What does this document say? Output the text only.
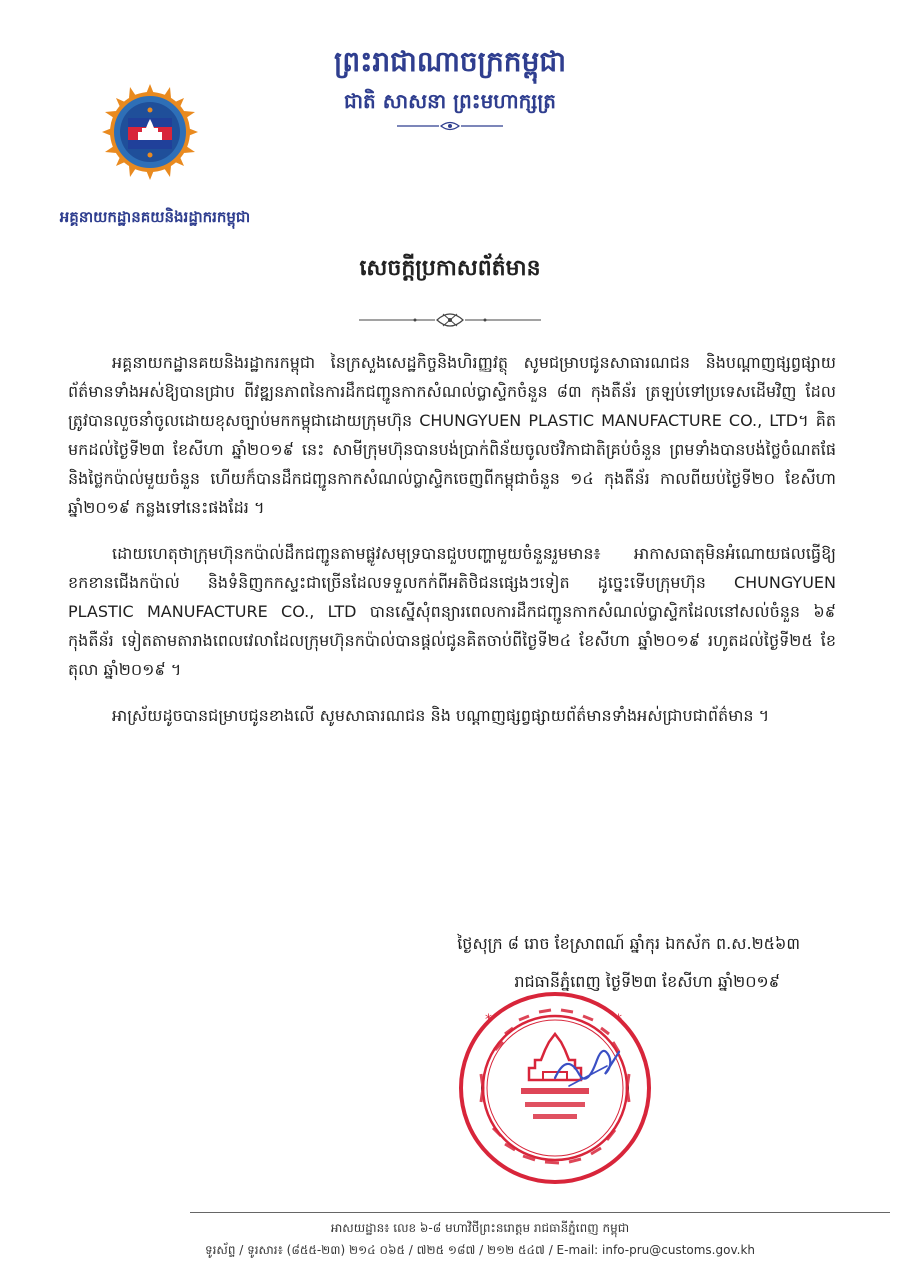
ព្រះរាជាណាចក្រកម្ពុជា
ជាតិ សាសនា ព្រះមហាក្សត្រ
អគ្គនាយកដ្ឋានគយនិងរដ្ឋាករកម្ពុជា
សេចក្តីប្រកាសព័ត៌មាន

អគ្គនាយកដ្ឋានគយនិងរដ្ឋាករកម្ពុជា នៃក្រសួងសេដ្ឋកិច្ចនិងហិរញ្ញវត្ថុ សូមជម្រាបជូនសាធារណជន និងបណ្តាញផ្សព្វផ្សាយព័ត៌មានទាំងអស់ឱ្យបានជ្រាប ពីវឌ្ឍនភាពនៃការដឹកជញ្ជូនកាកសំណល់ប្លាស្ទិកចំនួន ៨៣ កុងតឺន័រ ត្រឡប់ទៅប្រទេសដើមវិញ ដែលត្រូវបានលួចនាំចូលដោយខុសច្បាប់មកកម្ពុជាដោយក្រុមហ៊ុន CHUNGYUEN PLASTIC MANUFACTURE CO., LTD។ គិតមកដល់ថ្ងៃទី២៣ ខែសីហា ឆ្នាំ២០១៩ នេះ សាមីក្រុមហ៊ុនបានបង់ប្រាក់ពិន័យចូលថវិកាជាតិគ្រប់ចំនួន ព្រមទាំងបានបង់ថ្លៃចំណតផែ និងថ្លៃកប៉ាល់មួយចំនួន ហើយក៏បានដឹកជញ្ជូនកាកសំណល់ប្លាស្ទិកចេញពីកម្ពុជាចំនួន ១៤ កុងតឺន័រ កាលពីយប់ថ្ងៃទី២០ ខែសីហា ឆ្នាំ២០១៩ កន្លងទៅនេះផងដែរ ។

ដោយហេតុថាក្រុមហ៊ុនកប៉ាល់ដឹកជញ្ជូនតាមផ្លូវសមុទ្របានជួបបញ្ហាមួយចំនួនរួមមាន៖ អាកាសធាតុមិនអំណោយផលធ្វើឱ្យខកខានជើងកប៉ាល់ និងទំនិញកកស្ទះជាច្រើនដែលទទួលកក់ពីអតិថិជនផ្សេងៗទៀត ដូច្នេះទើបក្រុមហ៊ុន CHUNGYUEN PLASTIC MANUFACTURE CO., LTD បានស្នើសុំពន្យារពេលការដឹកជញ្ជូនកាកសំណល់ប្លាស្ទិកដែលនៅសល់ចំនួន ៦៩ កុងតឺន័រ ទៀតតាមតារាងពេលវេលាដែលក្រុមហ៊ុនកប៉ាល់បានផ្តល់ជូនគិតចាប់ពីថ្ងៃទី២៤ ខែសីហា ឆ្នាំ២០១៩ រហូតដល់ថ្ងៃទី២៥ ខែតុលា ឆ្នាំ២០១៩ ។

អាស្រ័យដូចបានជម្រាបជូនខាងលើ សូមសាធារណជន និង បណ្តាញផ្សព្វផ្សាយព័ត៌មានទាំងអស់ជ្រាបជាព័ត៌មាន ។

ថ្ងៃសុក្រ ៨ រោច ខែស្រាពណ៍ ឆ្នាំកុរ ឯកស័ក ព.ស.២៥៦៣
រាជធានីភ្នំពេញ ថ្ងៃទី២៣ ខែសីហា ឆ្នាំ២០១៩
*	*
អាសយដ្ឋាន៖ លេខ ៦-៨ មហាវិថីព្រះនរោត្តម រាជធានីភ្នំពេញ កម្ពុជា
ទូរស័ព្ទ / ទូរសារ៖ (៨៥៥-២៣) ២១៤ ០៦៥ / ៧២៥ ១៨៧ / ២១២ ៥៤៧ / E-mail: info-pru@customs.gov.kh
